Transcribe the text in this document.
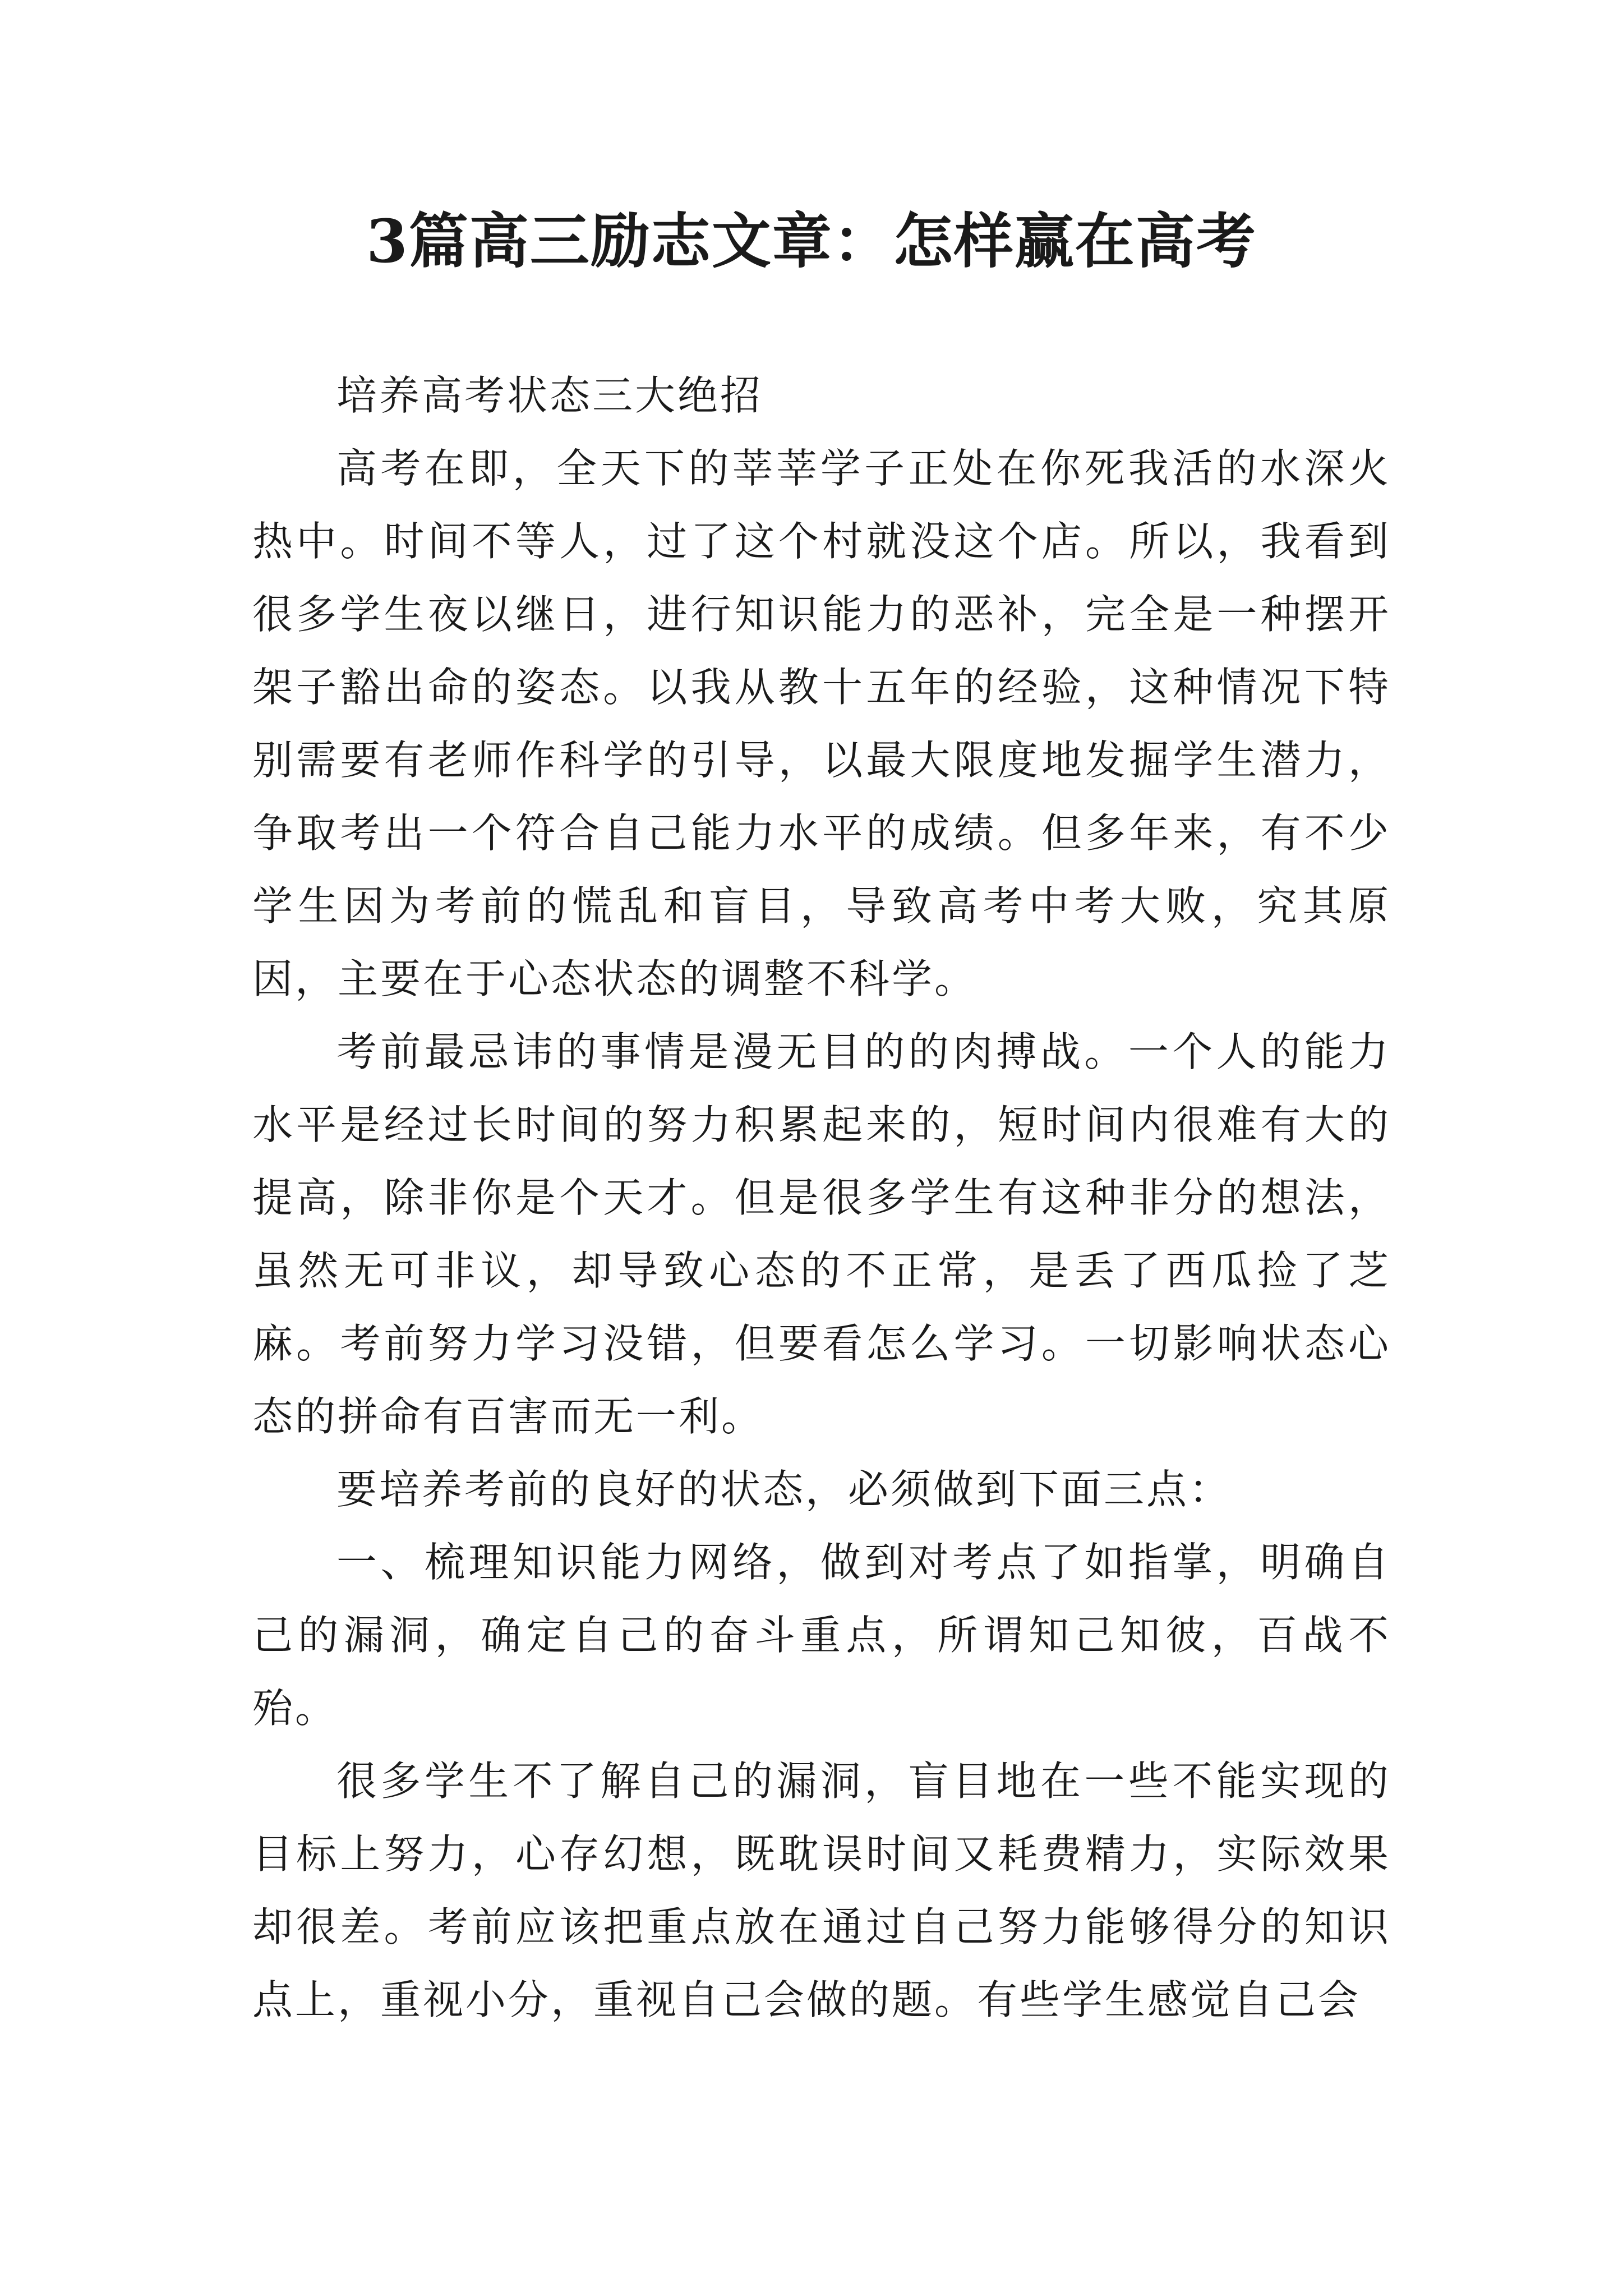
3篇高三励志文章：怎样赢在高考

培养高考状态三大绝招

高考在即，全天下的莘莘学子正处在你死我活的水深火热中。时间不等人，过了这个村就没这个店。所以，我看到很多学生夜以继日，进行知识能力的恶补，完全是一种摆开架子豁出命的姿态。以我从教十五年的经验，这种情况下特别需要有老师作科学的引导，以最大限度地发掘学生潜力，争取考出一个符合自己能力水平的成绩。但多年来，有不少学生因为考前的慌乱和盲目，导致高考中考大败，究其原因，主要在于心态状态的调整不科学。

考前最忌讳的事情是漫无目的的肉搏战。一个人的能力水平是经过长时间的努力积累起来的，短时间内很难有大的提高，除非你是个天才。但是很多学生有这种非分的想法，虽然无可非议，却导致心态的不正常，是丢了西瓜捡了芝麻。考前努力学习没错，但要看怎么学习。一切影响状态心态的拼命有百害而无一利。

要培养考前的良好的状态，必须做到下面三点：

一、梳理知识能力网络，做到对考点了如指掌，明确自己的漏洞，确定自己的奋斗重点，所谓知己知彼，百战不殆。

很多学生不了解自己的漏洞，盲目地在一些不能实现的目标上努力，心存幻想，既耽误时间又耗费精力，实际效果却很差。考前应该把重点放在通过自己努力能够得分的知识点上，重视小分，重视自己会做的题。有些学生感觉自己会
